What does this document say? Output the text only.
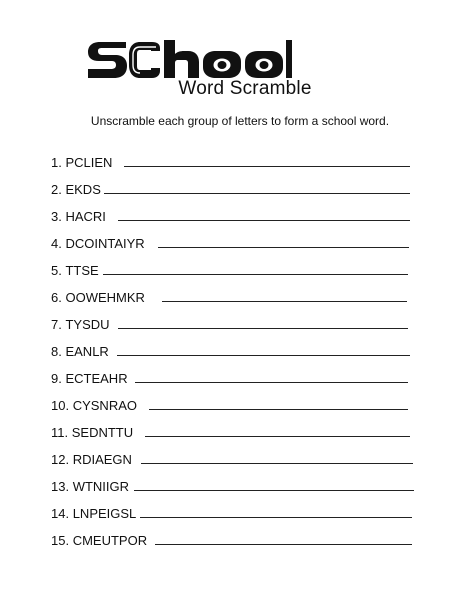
Word Scramble
Unscramble each group of letters to form a school word.
1.
PCLIEN
2.
EKDS
3.
HACRI
4.
DCOINTAIYR
5.
TTSE
6.
OOWEHMKR
7.
TYSDU
8.
EANLR
9.
ECTEAHR
10.
CYSNRAO
11.
SEDNTTU
12.
RDIAEGN
13.
WTNIIGR
14.
LNPEIGSL
15.
CMEUTPOR
